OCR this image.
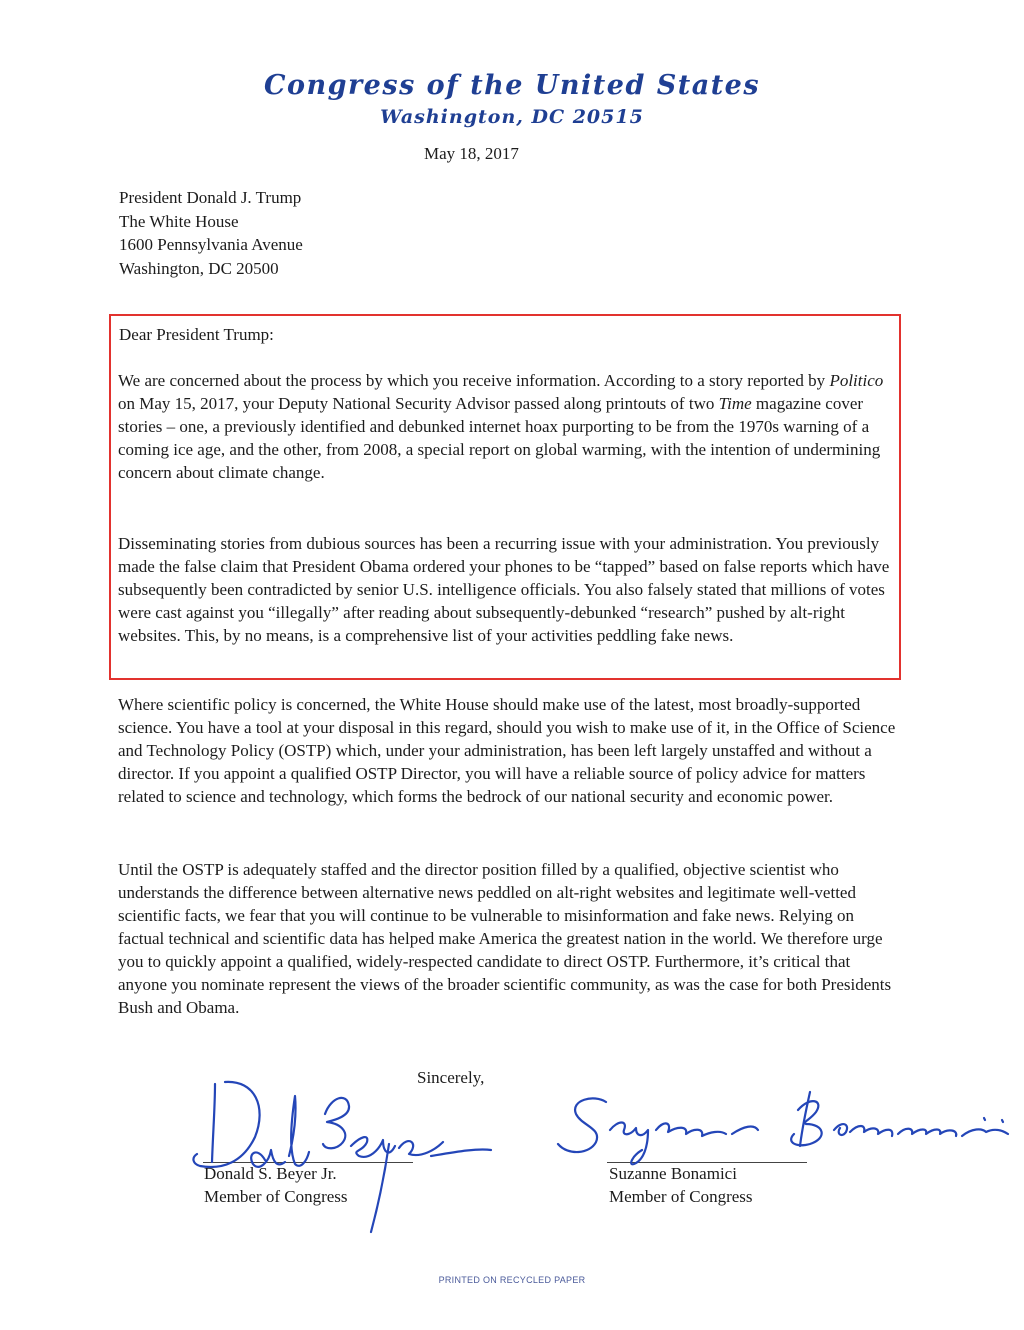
Congress of the United States
Washington, DC 20515
May 18, 2017
President Donald J. Trump
The White House
1600 Pennsylvania Avenue
Washington, DC 20500
Dear President Trump:
We are concerned about the process by which you receive information. According to a story reported by Politico on May 15, 2017, your Deputy National Security Advisor passed along printouts of two Time magazine cover stories – one, a previously identified and debunked internet hoax purporting to be from the 1970s warning of a coming ice age, and the other, from 2008, a special report on global warming, with the intention of undermining concern about climate change.
Disseminating stories from dubious sources has been a recurring issue with your administration. You previously made the false claim that President Obama ordered your phones to be “tapped” based on false reports which have subsequently been contradicted by senior U.S. intelligence officials. You also falsely stated that millions of votes were cast against you “illegally” after reading about subsequently-debunked “research” pushed by alt-right websites. This, by no means, is a comprehensive list of your activities peddling fake news.
Where scientific policy is concerned, the White House should make use of the latest, most broadly-supported science. You have a tool at your disposal in this regard, should you wish to make use of it, in the Office of Science and Technology Policy (OSTP) which, under your administration, has been left largely unstaffed and without a director. If you appoint a qualified OSTP Director, you will have a reliable source of policy advice for matters related to science and technology, which forms the bedrock of our national security and economic power.
Until the OSTP is adequately staffed and the director position filled by a qualified, objective scientist who understands the difference between alternative news peddled on alt-right websites and legitimate well-vetted scientific facts, we fear that you will continue to be vulnerable to misinformation and fake news. Relying on factual technical and scientific data has helped make America the greatest nation in the world. We therefore urge you to quickly appoint a qualified, widely-respected candidate to direct OSTP. Furthermore, it’s critical that anyone you nominate represent the views of the broader scientific community, as was the case for both Presidents Bush and Obama.
Sincerely,
Donald S. Beyer Jr.
Member of Congress
Suzanne Bonamici
Member of Congress
PRINTED ON RECYCLED PAPER
